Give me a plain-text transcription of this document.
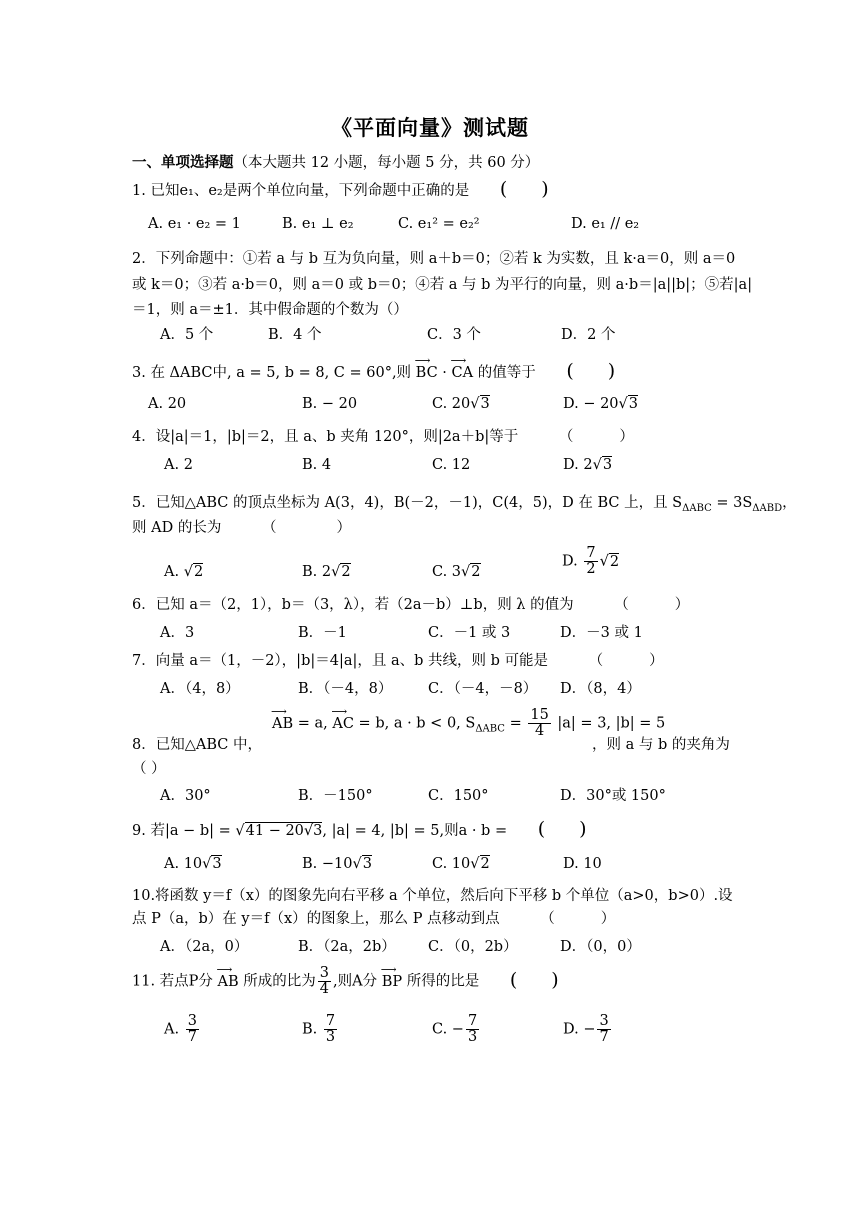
《平面向量》测试题
一、单项选择题（本大题共 12 小题，每小题 5 分，共 60 分）
1. 已知e₁、e₂是两个单位向量，下列命题中正确的是 ( )
A. e₁ · e₂ = 1	B. e₁ ⊥ e₂	C. e₁² = e₂²	D. e₁ // e₂
2．下列命题中：①若 a 与 b 互为负向量，则 a＋b＝0；②若 k 为实数，且 k·a＝0，则 a＝0
或 k＝0；③若 a·b＝0，则 a＝0 或 b＝0；④若 a 与 b 为平行的向量，则 a·b＝|a||b|；⑤若|a|
＝1，则 a＝±1．其中假命题的个数为（）
A．5 个	B．4 个	C．3 个	D．2 个
3. 在 ΔABC中, a = 5, b = 8, C = 60°,则 ⟶ BC · ⟶ CA 的值等于 ( )
A. 20	B. − 20	C. 20√3	D. − 20√3
4．设|a|＝1，|b|＝2，且 a、b 夹角 120°，则|2a＋b|等于	（	）
A. 2	B. 4	C. 12	D. 2√3
5．已知△ABC 的顶点坐标为 A(3，4)，B(－2，－1)，C(4，5)，D 在 BC 上，且 $S_{\Delta ABC} = 3S_{\Delta ABD}$，
则 AD 的长为	（	）
A. √2	B. 2√2	C. 3√2
D. $\frac{7}{2} √2$
6．已知 a＝（2，1），b＝（3，λ），若（2a－b）⊥b，则 λ 的值为	（	）
A．3	B．－1	C．－1 或 3	D．－3 或 1
7．向量 a＝（1，－2），|b|＝4|a|，且 a、b 共线，则 b 可能是	（	）
A．（4，8）	B．（－4，8） C．（－4，－8） D．（8，4）
⟶ AB = a, ⟶ AC = b, a · b < 0, $S_{\Delta ABC} = \frac{15}{4} |a| = 3$, |b| = 5
8．已知△ABC 中，	，则 a 与 b 的夹角为
（ ）
A．30°	B．－150°	C．150°	D．30°或 150°
9. 若|a − b| = √41 − 20√3, |a| = 4, |b| = 5,则a · b = ( )
A. 10√3	B. −10√3	C. 10√2	D. 10
10.将函数 y＝f（x）的图象先向右平移 a 个单位，然后向下平移 b 个单位（a>0，b>0）.设
点 P（a，b）在 y＝f（x）的图象上，那么 P 点移动到点	（	）
A．（2a，0）	B．（2a，2b） C．（0，2b）	D．（0，0）
11. 若点P分 ⟶ AB 所成的比为 $\frac{3}{4}$ ,则A分 ⟶ BP 所得的比是 ( )
A. $\frac{3}{7}$	B. $\frac{7}{3}$	C. − $\frac{7}{3}$	D. − $\frac{3}{7}$
